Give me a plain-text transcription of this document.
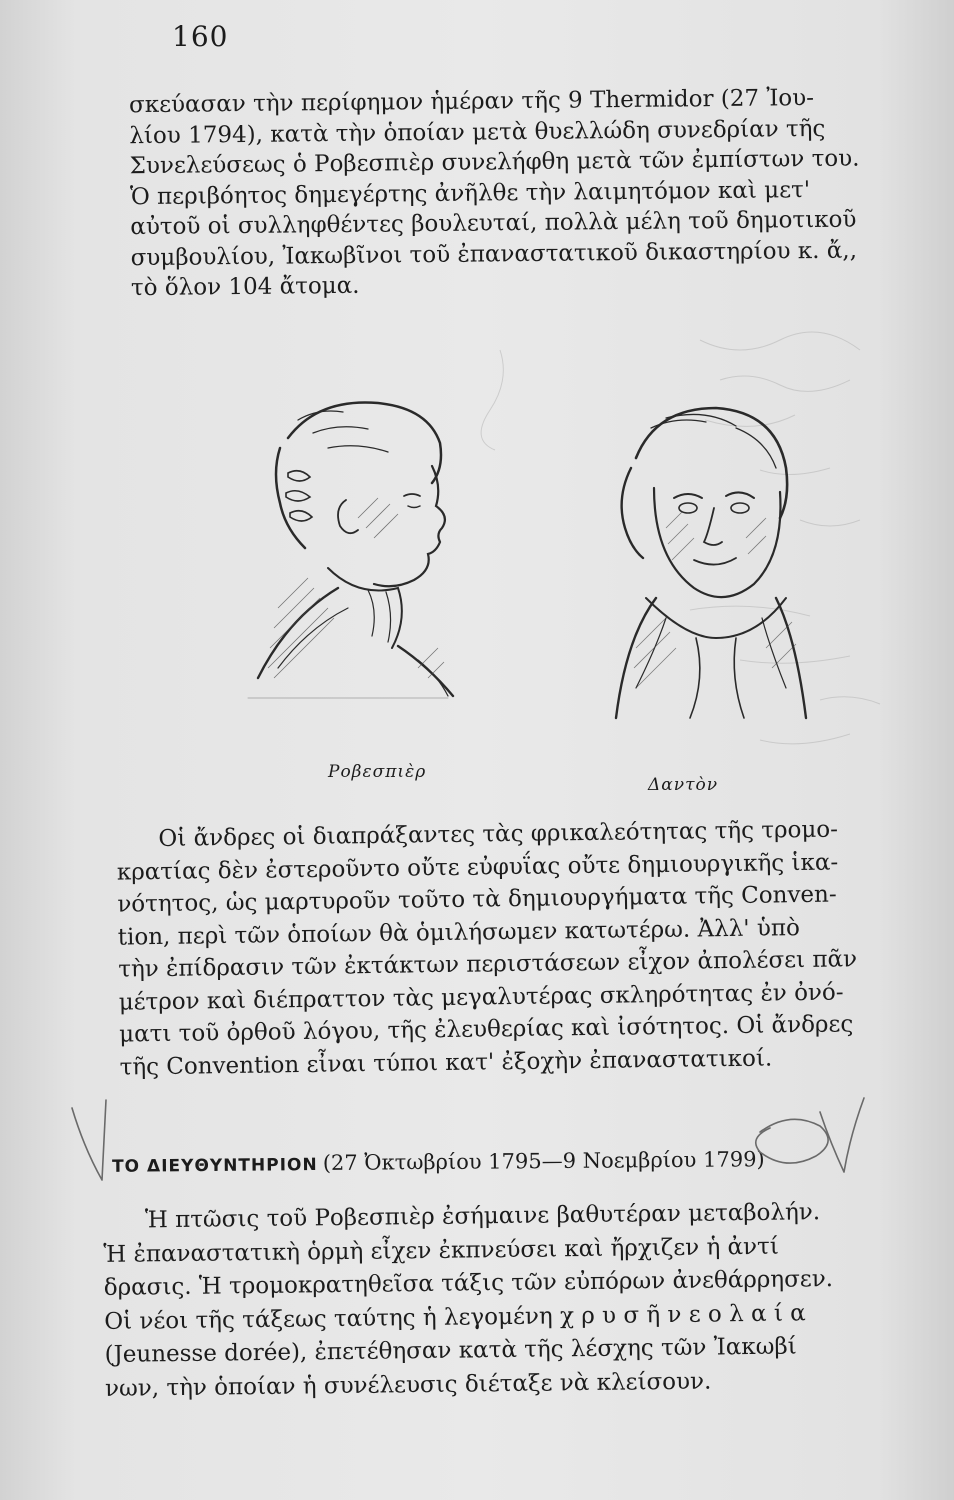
160

σκεύασαν τὴν περίφημον ἡμέραν τῆς 9 Thermidor (27 Ἰου-
λίου 1794), κατὰ τὴν ὁποίαν μετὰ θυελλώδη συνεδρίαν τῆς
Συνελεύσεως ὁ Ροβεσπιὲρ συνελήφθη μετὰ τῶν ἐμπίστων του.
Ὁ περιβόητος δημεγέρτης ἀνῆλθε τὴν λαιμητόμον καὶ μετ'
αὐτοῦ οἱ συλληφθέντες βουλευταί, πολλὰ μέλη τοῦ δημοτικοῦ
συμβουλίου, Ἰακωβῖνοι τοῦ ἐπαναστατικοῦ δικαστηρίου κ. ἄ,,
τὸ ὅλον 104 ἄτομα.

Ροβεσπιὲρ
Δαντὸν

Οἱ ἄνδρες οἱ διαπράξαντες τὰς φρικαλεότητας τῆς τρομο-
κρατίας δὲν ἐστεροῦντο οὔτε εὐφυΐας οὔτε δημιουργικῆς ἱκα-
νότητος, ὡς μαρτυροῦν τοῦτο τὰ δημιουργήματα τῆς Conven-
tion, περὶ τῶν ὁποίων θὰ ὁμιλήσωμεν κατωτέρω. Ἀλλ' ὑπὸ
τὴν ἐπίδρασιν τῶν ἐκτάκτων περιστάσεων εἶχον ἀπολέσει πᾶν
μέτρον καὶ διέπραττον τὰς μεγαλυτέρας σκληρότητας ἐν ὀνό-
ματι τοῦ ὀρθοῦ λόγου, τῆς ἐλευθερίας καὶ ἰσότητος. Οἱ ἄνδρες
τῆς Convention εἶναι τύποι κατ' ἐξοχὴν ἐπαναστατικοί.

ΤΟ ΔΙΕΥΘΥΝΤΗΡΙΟΝ (27 Ὀκτωβρίου 1795—9 Νοεμβρίου 1799)

Ἡ πτῶσις τοῦ Ροβεσπιὲρ ἐσήμαινε βαθυτέραν μεταβολήν.
Ἡ ἐπαναστατικὴ ὁρμὴ εἶχεν ἐκπνεύσει καὶ ἤρχιζεν ἡ ἀντί
δρασις. Ἡ τρομοκρατηθεῖσα τάξις τῶν εὐπόρων ἀνεθάρρησεν.
Οἱ νέοι τῆς τάξεως ταύτης ἡ λεγομένη χ ρ υ σ ῆ ν ε ο λ α ί α
(Jeunesse dorée), ἐπετέθησαν κατὰ τῆς λέσχης τῶν Ἰακωβί
νων, τὴν ὁποίαν ἡ συνέλευσις διέταξε νὰ κλείσουν.
